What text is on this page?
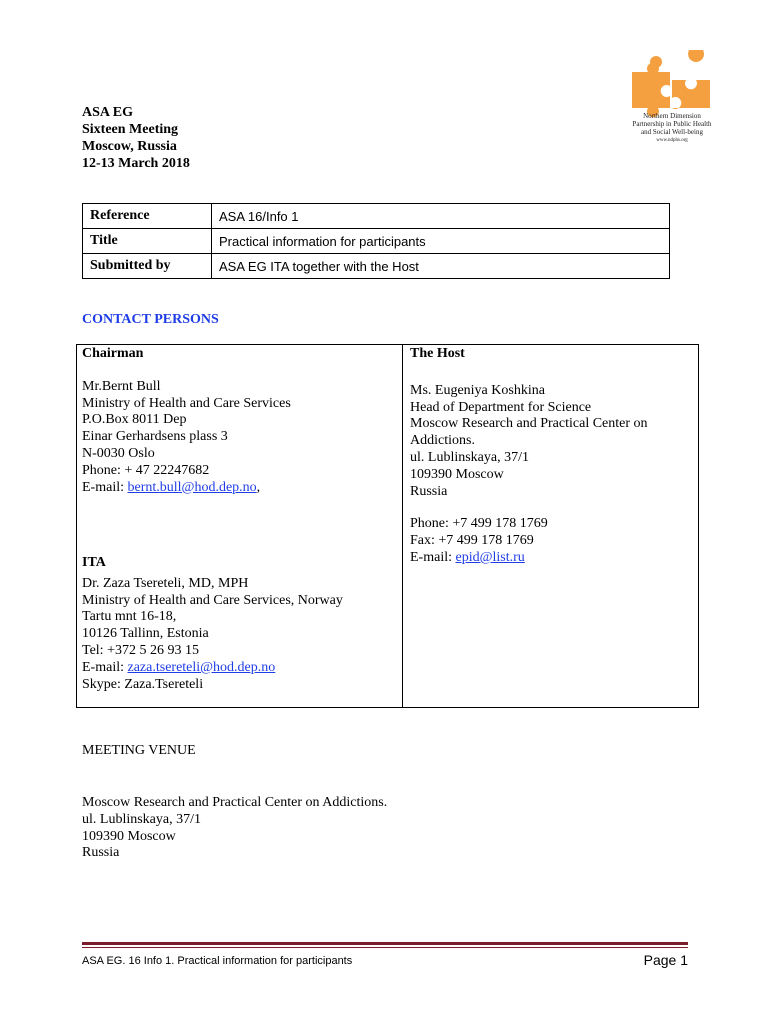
ASA EG
Sixteen Meeting
Moscow, Russia
12-13 March 2018
Northern Dimension
Partnership in Public Health
and Social Well-being
www.ndphs.org
Reference	ASA 16/Info 1
Title	Practical information for participants
Submitted by	ASA EG ITA together with the Host
CONTACT PERSONS
Chairman
Mr.Bernt Bull
Ministry of Health and Care Services
P.O.Box 8011 Dep
Einar Gerhardsens plass 3
N-0030 Oslo
Phone: + 47 22247682
E-mail: bernt.bull@hod.dep.no,
ITA
Dr. Zaza Tsereteli, MD, MPH
Ministry of Health and Care Services, Norway
Tartu mnt 16-18,
10126 Tallinn, Estonia
Tel: +372 5 26 93 15
E-mail: zaza.tsereteli@hod.dep.no
Skype: Zaza.Tsereteli
The Host
Ms. Eugeniya Koshkina
Head of Department for Science
Moscow Research and Practical Center on
Addictions.
ul. Lublinskaya, 37/1
109390 Moscow
Russia
Phone: +7 499 178 1769
Fax: +7 499 178 1769
E-mail: epid@list.ru
MEETING VENUE
Moscow Research and Practical Center on Addictions.
ul. Lublinskaya, 37/1
109390 Moscow
Russia
ASA EG. 16 Info 1. Practical information for participants	Page 1
